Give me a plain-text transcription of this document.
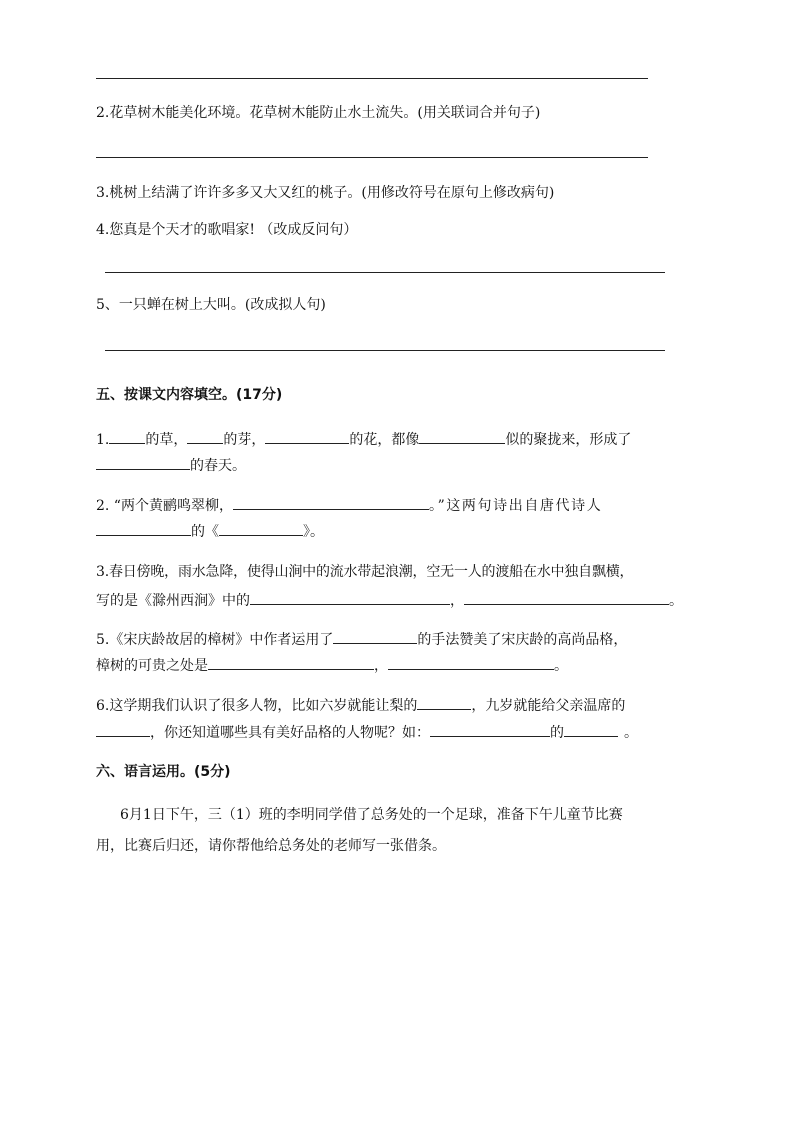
2.花草树木能美化环境。花草树木能防止水土流失。(用关联词合并句子)
3.桃树上结满了许许多多又大又红的桃子。(用修改符号在原句上修改病句)
4.您真是个天才的歌唱家! （改成反问句）
5、一只蝉在树上大叫。(改成拟人句)
五、按课文内容填空。(17分)
1.	的草，	的芽，	的花，都像	似的聚拢来，形成了
的春天。
2. “两个黄鹂鸣翠柳，	。”这两句诗出自唐代诗人
的《	》。
3.春日傍晚，雨水急降，使得山涧中的流水带起浪潮，空无一人的渡船在水中独自飘横，
写的是《滁州西涧》中的	，	。
5.《宋庆龄故居的樟树》中作者运用了	的手法赞美了宋庆龄的高尚品格，
樟树的可贵之处是	，	。
6.这学期我们认识了很多人物，比如六岁就能让梨的	，九岁就能给父亲温席的
，你还知道哪些具有美好品格的人物呢？如：	的	。
六、语言运用。(5分)
6月1日下午，三（1）班的李明同学借了总务处的一个足球，准备下午儿童节比赛
用，比赛后归还，请你帮他给总务处的老师写一张借条。
